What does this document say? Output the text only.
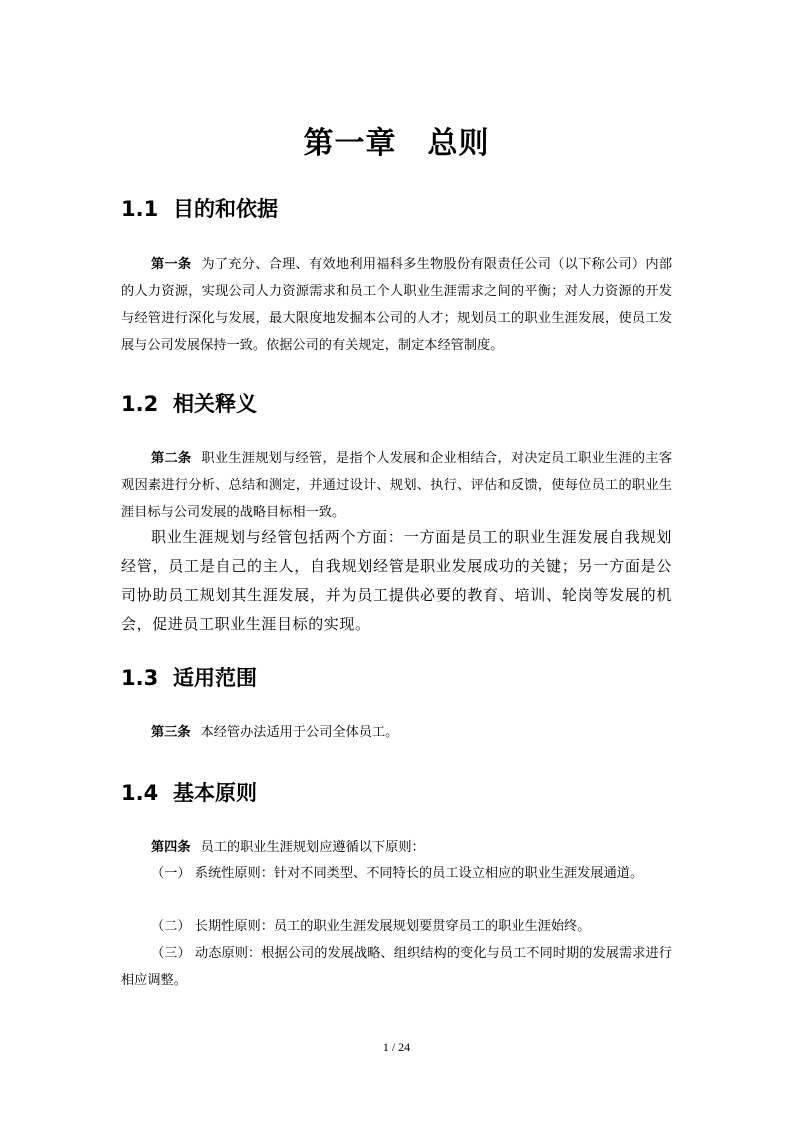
第一章　总则
1.1 目的和依据
第一条 为了充分、合理、有效地利用福科多生物股份有限责任公司（以下称公司）内部的人力资源，实现公司人力资源需求和员工个人职业生涯需求之间的平衡；对人力资源的开发与经管进行深化与发展，最大限度地发掘本公司的人才；规划员工的职业生涯发展，使员工发展与公司发展保持一致。依据公司的有关规定，制定本经管制度。
1.2 相关释义
第二条 职业生涯规划与经管，是指个人发展和企业相结合，对决定员工职业生涯的主客观因素进行分析、总结和测定，并通过设计、规划、执行、评估和反馈，使每位员工的职业生涯目标与公司发展的战略目标相一致。
职业生涯规划与经管包括两个方面：一方面是员工的职业生涯发展自我规划经管，员工是自己的主人，自我规划经管是职业发展成功的关键；另一方面是公司协助员工规划其生涯发展，并为员工提供必要的教育、培训、轮岗等发展的机会，促进员工职业生涯目标的实现。
1.3 适用范围
第三条 本经管办法适用于公司全体员工。
1.4 基本原则
第四条 员工的职业生涯规划应遵循以下原则：
（一） 系统性原则：针对不同类型、不同特长的员工设立相应的职业生涯发展通道。
（二） 长期性原则：员工的职业生涯发展规划要贯穿员工的职业生涯始终。
（三） 动态原则：根据公司的发展战略、组织结构的变化与员工不同时期的发展需求进行相应调整。
1 / 24
